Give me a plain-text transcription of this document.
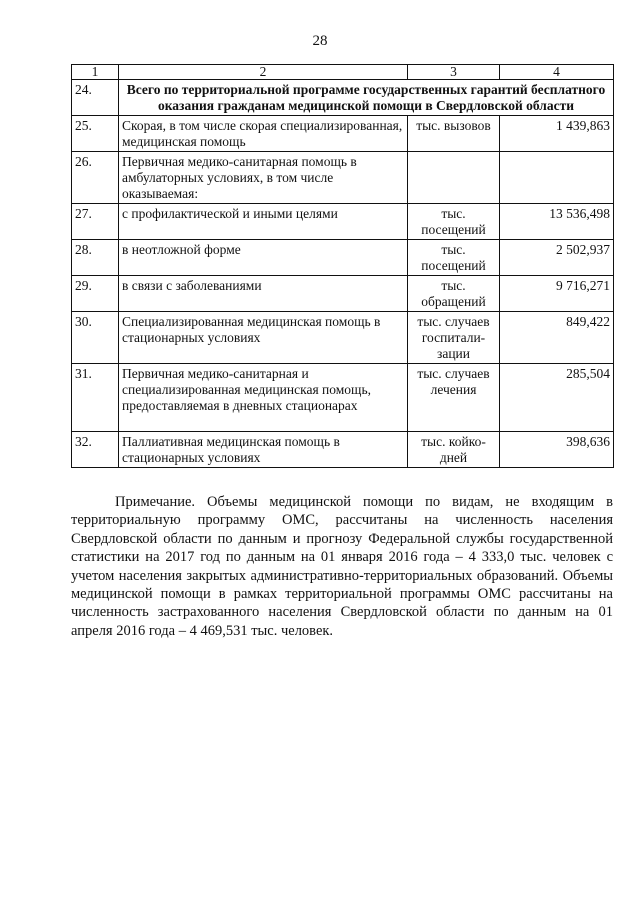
28
1	2	3	4
24.	Всего по территориальной программе государственных гарантий бесплатного оказания гражданам медицинской помощи в Свердловской области		
25.	Скорая, в том числе скорая специализированная, медицинская помощь	тыс. вызовов	1 439,863
26.	Первичная медико-санитарная помощь в амбулаторных условиях, в том числе оказываемая:		
27.	с профилактической и иными целями	тыс. посещений	13 536,498
28.	в неотложной форме	тыс. посещений	2 502,937
29.	в связи с заболеваниями	тыс. обращений	9 716,271
30.	Специализированная медицинская помощь в стационарных условиях	тыс. случаев госпитали-зации	849,422
31.	Первичная медико-санитарная и специализированная медицинская помощь, предоставляемая в дневных стационарах	тыс. случаев лечения	285,504
32.	Паллиативная медицинская помощь в стационарных условиях	тыс. койко-дней	398,636

Примечание. Объемы медицинской помощи по видам, не входящим в территориальную программу ОМС, рассчитаны на численность населения Свердловской области по данным и прогнозу Федеральной службы государственной статистики на 2017 год по данным на 01 января 2016 года – 4 333,0 тыс. человек с учетом населения закрытых административно-территориальных образований. Объемы медицинской помощи в рамках территориальной программы ОМС рассчитаны на численность застрахованного населения Свердловской области по данным на 01 апреля 2016 года – 4 469,531 тыс. человек.
